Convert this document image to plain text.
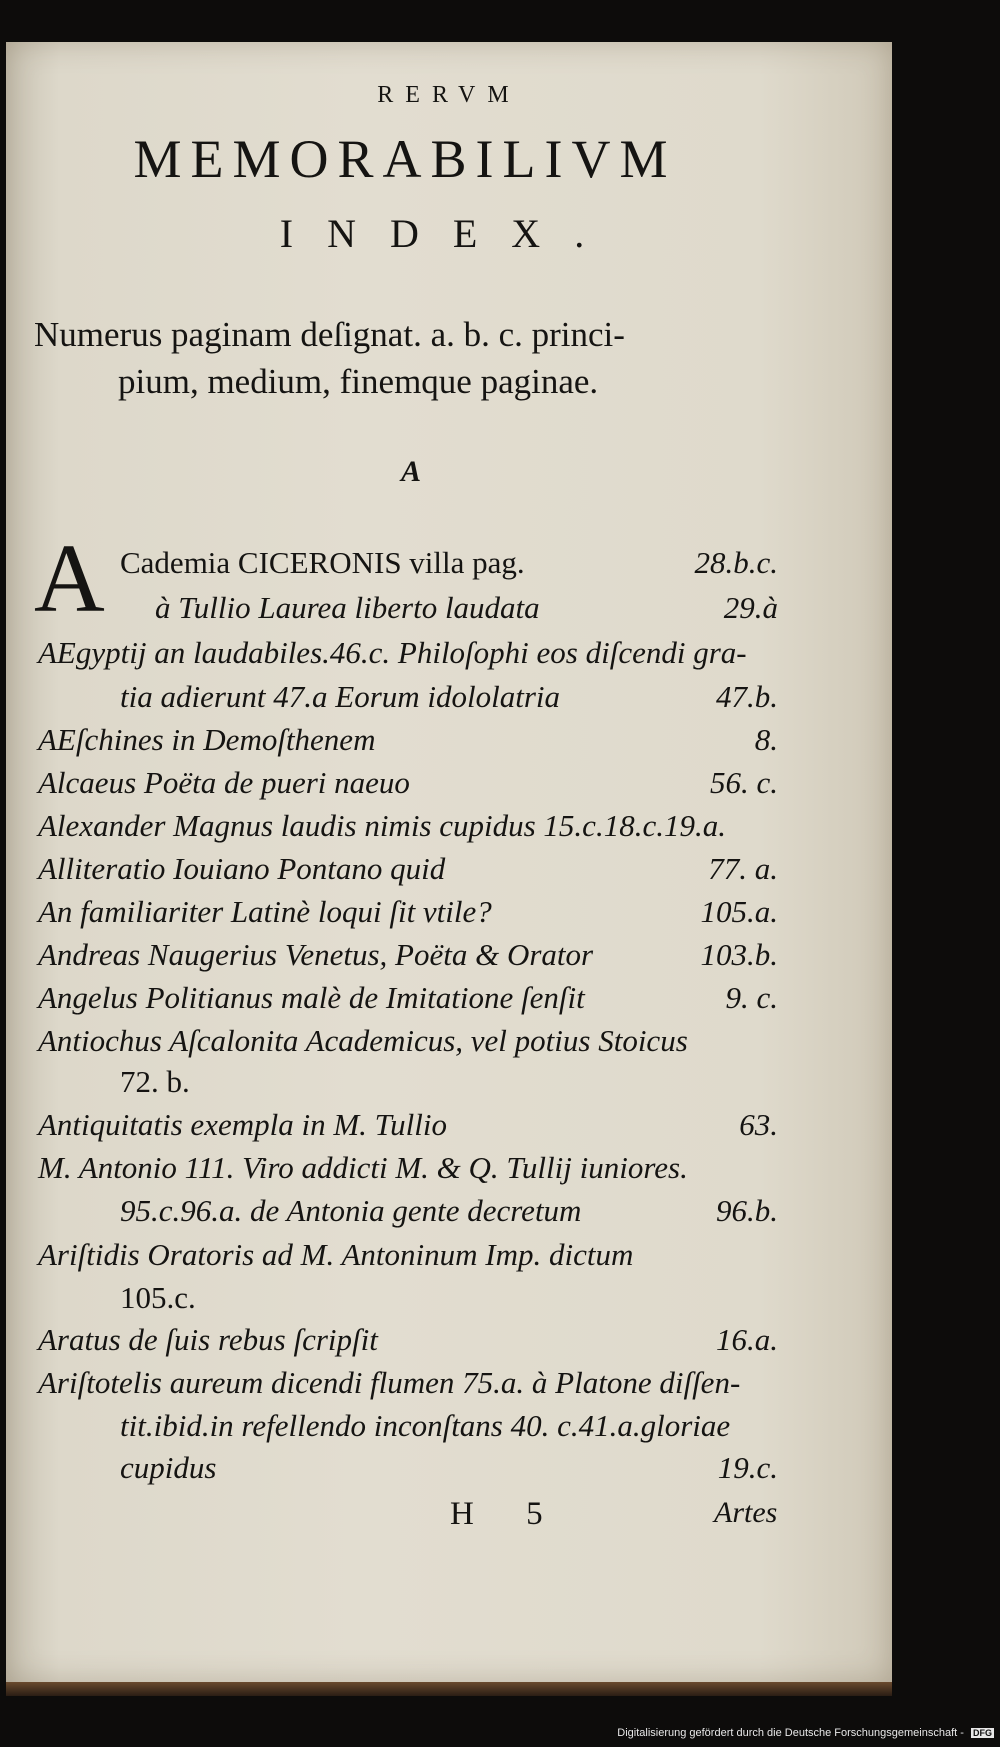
RERVM
MEMORABILIVM
INDEX.
Numerus paginam deſignat. a. b. c. princi-
pium, medium, finemque paginae.
A
A Cademia CICERONIS villa pag.	28.b.c.
à Tullio Laurea liberto laudata	29.à
AEgyptij an laudabiles.46.c. Philoſophi eos diſcendi gra-
tia adierunt 47.a Eorum idololatria	47.b.
AEſchines in Demoſthenem	8.
Alcaeus Poëta de pueri naeuo	56. c.
Alexander Magnus laudis nimis cupidus 15.c.18.c.19.a.
Alliteratio Iouiano Pontano quid	77. a.
An familiariter Latinè loqui ſit vtile?	105.a.
Andreas Naugerius Venetus, Poëta & Orator	103.b.
Angelus Politianus malè de Imitatione ſenſit	9. c.
Antiochus Aſcalonita Academicus, vel potius Stoicus
72. b.
Antiquitatis exempla in M. Tullio	63.
M. Antonio 111. Viro addicti M. & Q. Tullij iuniores.
95.c.96.a. de Antonia gente decretum	96.b.
Ariſtidis Oratoris ad M. Antoninum Imp. dictum
105.c.
Aratus de ſuis rebus ſcripſit	16.a.
Ariſtotelis aureum dicendi flumen 75.a. à Platone diſſen-
tit.ibid.in refellendo inconſtans 40. c.41.a.gloriae
cupidus	19.c.
H 5	Artes
Digitalisierung gefördert durch die Deutsche Forschungsgemeinschaft - DFG
